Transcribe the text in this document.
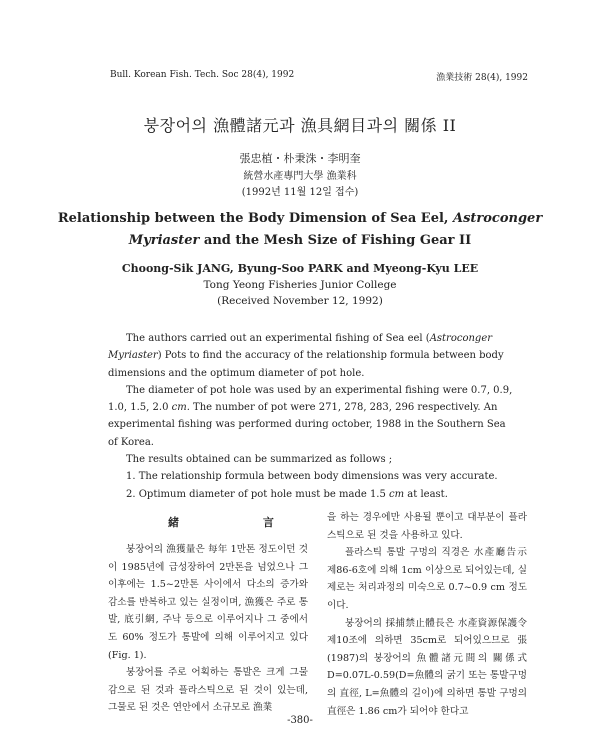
Bull. Korean Fish. Tech. Soc 28(4), 1992	漁業技術 28(4), 1992
붕장어의 漁體諸元과 漁具網目과의 關係 II
張忠植・朴秉洙・李明奎
統營水產專門大學 漁業科
(1992년 11월 12일 접수)
Relationship between the Body Dimension of Sea Eel, Astroconger
Myriaster and the Mesh Size of Fishing Gear II
Choong-Sik JANG, Byung-Soo PARK and Myeong-Kyu LEE
Tong Yeong Fisheries Junior College
(Received November 12, 1992)

The authors carried out an experimental fishing of Sea eel (Astroconger Myriaster) Pots to find the accuracy of the relationship formula between body dimensions and the optimum diameter of pot hole.

The diameter of pot hole was used by an experimental fishing were 0.7, 0.9, 1.0, 1.5, 2.0 cm. The number of pot were 271, 278, 283, 296 respectively. An experimental fishing was performed during october, 1988 in the Southern Sea of Korea.

The results obtained can be summarized as follows ;

1. The relationship formula between body dimensions was very accurate.

2. Optimum diameter of pot hole must be made 1.5 cm at least.

緒 言

붕장어의 漁獲量은 每年 1만톤 정도이던 것이 1985년에 급성장하여 2만톤을 넘었으나 그 이후에는 1.5~2만톤 사이에서 다소의 증가와 감소를 반복하고 있는 실정이며, 漁獲은 주로 통발, 底引網, 주낙 등으로 이루어지나 그 중에서도 60% 정도가 통발에 의해 이루어지고 있다(Fig. 1).

붕장어를 주로 어획하는 통발은 크게 그물감으로 된 것과 플라스틱으로 된 것이 있는데, 그물로 된 것은 연안에서 소규모로 漁業

을 하는 경우에만 사용될 뿐이고 대부분이 플라스틱으로 된 것을 사용하고 있다.

플라스틱 통발 구멍의 직경은 水產廳告示 제86-6호에 의해 1cm 이상으로 되어있는데, 실제로는 처리과정의 미숙으로 0.7~0.9 cm 정도이다.

붕장어의 採捕禁止體長은 水產資源保護令 제10조에 의하면 35cm로 되어있으므로 張(1987)의 붕장어의 魚體諸元間의 關係式 D=0.07L-0.59(D=魚體의 굵기 또는 통발구멍의 直徑, L=魚體의 길이)에 의하면 통발 구멍의 直徑은 1.86 cm가 되어야 한다고

-380-
